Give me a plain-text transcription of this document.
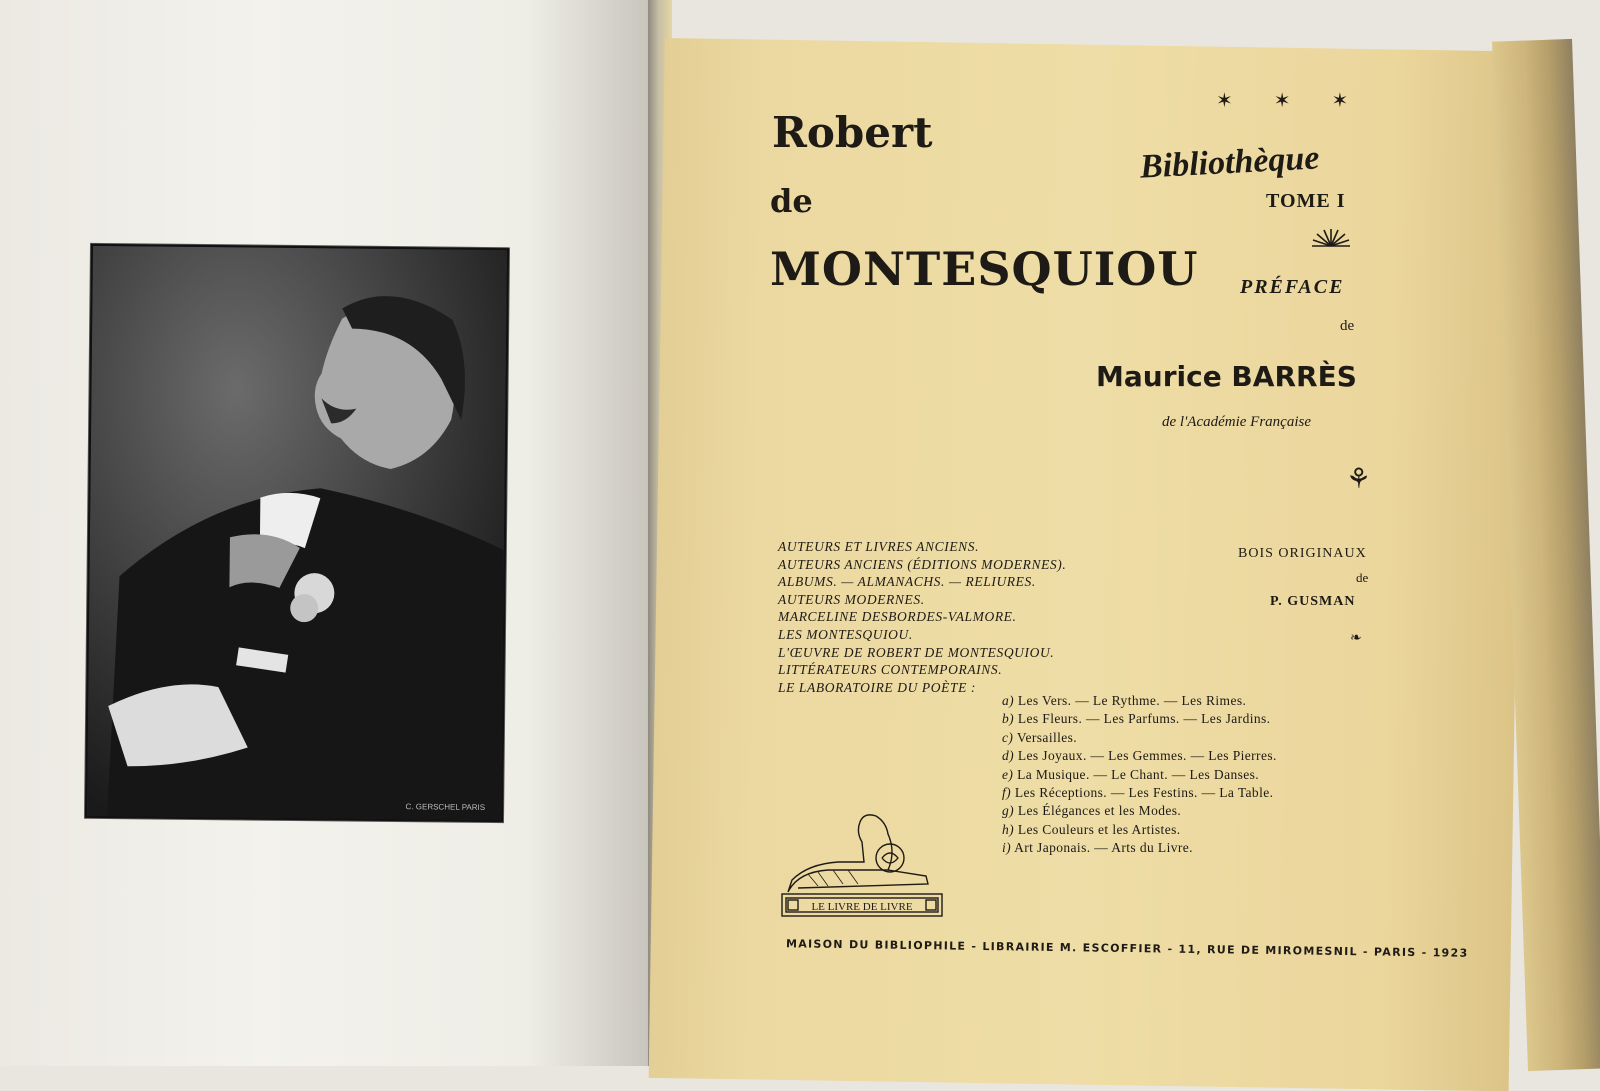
C. GERSCHEL PARIS
Robert
de
MONTESQUIOU
✶ ✶ ✶
Bibliothèque
TOME I
PRÉFACE
de
Maurice BARRÈS
de l'Académie Française
⚘
AUTEURS ET LIVRES ANCIENS.
AUTEURS ANCIENS (ÉDITIONS MODERNES).
ALBUMS. — ALMANACHS. — RELIURES.
AUTEURS MODERNES.
MARCELINE DESBORDES-VALMORE.
LES MONTESQUIOU.
L'ŒUVRE DE ROBERT DE MONTESQUIOU.
LITTÉRATEURS CONTEMPORAINS.
LE LABORATOIRE DU POÈTE :
a) Les Vers. — Le Rythme. — Les Rimes.
b) Les Fleurs. — Les Parfums. — Les Jardins.
c) Versailles.
d) Les Joyaux. — Les Gemmes. — Les Pierres.
e) La Musique. — Le Chant. — Les Danses.
f) Les Réceptions. — Les Festins. — La Table.
g) Les Élégances et les Modes.
h) Les Couleurs et les Artistes.
i) Art Japonais. — Arts du Livre.
BOIS ORIGINAUX
de
P. GUSMAN
❧
LE LIVRE DE LIVRE
MAISON DU BIBLIOPHILE - LIBRAIRIE M. ESCOFFIER - 11, RUE DE MIROMESNIL - PARIS - 1923
